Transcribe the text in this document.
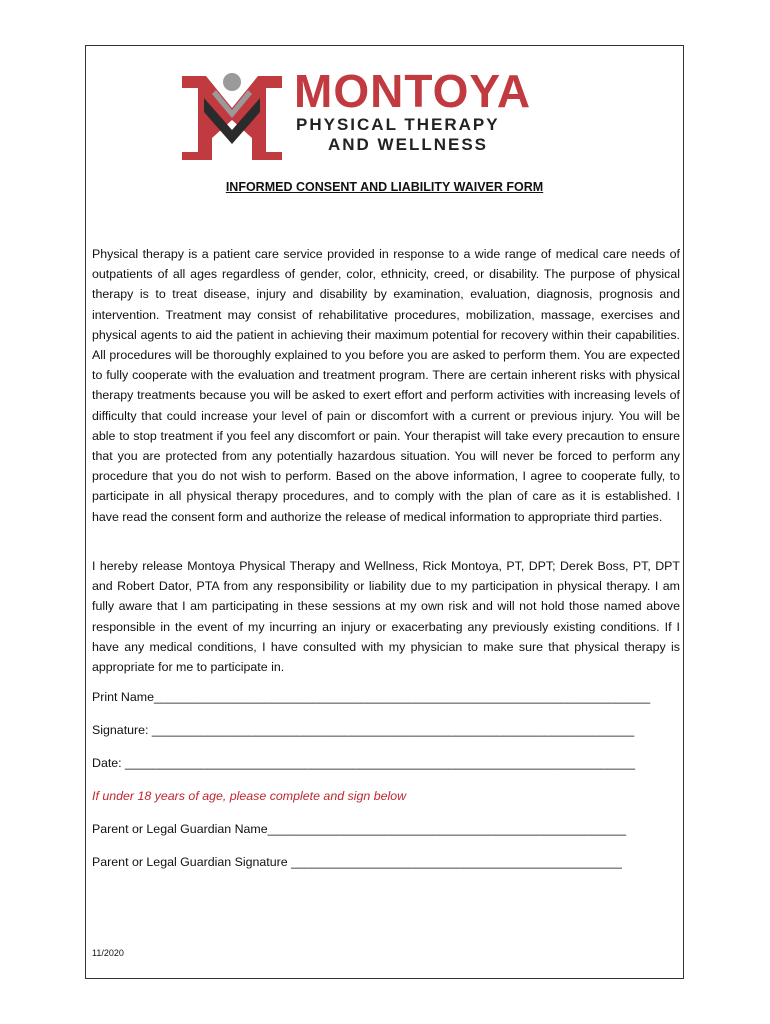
MONTOYA
PHYSICAL THERAPY
AND WELLNESS
INFORMED CONSENT AND LIABILITY WAIVER FORM

Physical therapy is a patient care service provided in response to a wide range of medical care needs of outpatients of all ages regardless of gender, color, ethnicity, creed, or disability. The purpose of physical therapy is to treat disease, injury and disability by examination, evaluation, diagnosis, prognosis and intervention. Treatment may consist of rehabilitative procedures, mobilization, massage, exercises and physical agents to aid the patient in achieving their maximum potential for recovery within their capabilities. All procedures will be thoroughly explained to you before you are asked to perform them. You are expected to fully cooperate with the evaluation and treatment program. There are certain inherent risks with physical therapy treatments because you will be asked to exert effort and perform activities with increasing levels of difficulty that could increase your level of pain or discomfort with a current or previous injury. You will be able to stop treatment if you feel any discomfort or pain. Your therapist will take every precaution to ensure that you are protected from any potentially hazardous situation. You will never be forced to perform any procedure that you do not wish to perform. Based on the above information, I agree to cooperate fully, to participate in all physical therapy procedures, and to comply with the plan of care as it is established. I have read the consent form and authorize the release of medical information to appropriate third parties.

I hereby release Montoya Physical Therapy and Wellness, Rick Montoya, PT, DPT; Derek Boss, PT, DPT and Robert Dator, PTA from any responsibility or liability due to my participation in physical therapy. I am fully aware that I am participating in these sessions at my own risk and will not hold those named above responsible in the event of my incurring an injury or exacerbating any previously existing conditions. If I have any medical conditions, I have consulted with my physician to make sure that physical therapy is appropriate for me to participate in.

Print Name________________________________________________________________________
Signature: ______________________________________________________________________
Date: __________________________________________________________________________
If under 18 years of age, please complete and sign below
Parent or Legal Guardian Name____________________________________________________
Parent or Legal Guardian Signature ________________________________________________
11/2020
